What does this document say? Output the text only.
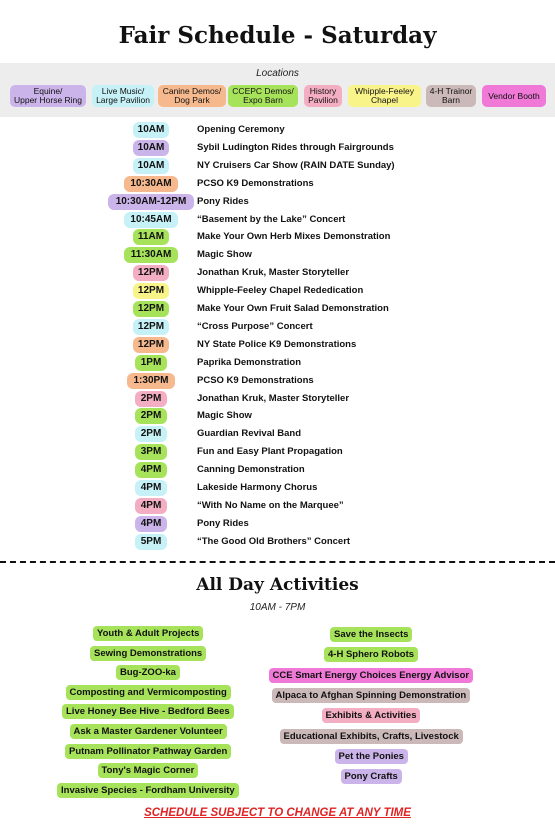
Fair Schedule - Saturday
Locations
Equine/
Upper Horse Ring
Live Music/
Large Pavilion
Canine Demos/
Dog Park
CCEPC Demos/
Expo Barn
History
Pavilion
Whipple-Feeley
Chapel
4-H Trainor
Barn	Vendor Booth
10AM	Opening Ceremony
10AM	Sybil Ludington Rides through Fairgrounds
10AM	NY Cruisers Car Show (RAIN DATE Sunday)
10:30AM	PCSO K9 Demonstrations
10:30AM-12PM	Pony Rides
10:45AM	“Basement by the Lake” Concert
11AM	Make Your Own Herb Mixes Demonstration
11:30AM	Magic Show
12PM	Jonathan Kruk, Master Storyteller
12PM	Whipple-Feeley Chapel Rededication
12PM	Make Your Own Fruit Salad Demonstration
12PM	“Cross Purpose” Concert
12PM	NY State Police K9 Demonstrations
1PM	Paprika Demonstration
1:30PM	PCSO K9 Demonstrations
2PM	Jonathan Kruk, Master Storyteller
2PM	Magic Show
2PM	Guardian Revival Band
3PM	Fun and Easy Plant Propagation
4PM	Canning Demonstration
4PM	Lakeside Harmony Chorus
4PM	“With No Name on the Marquee”
4PM	Pony Rides
5PM	“The Good Old Brothers” Concert
All Day Activities
10AM - 7PM
Youth & Adult Projects
Sewing Demonstrations
Bug-ZOO-ka
Composting and Vermicomposting
Live Honey Bee Hive - Bedford Bees
Ask a Master Gardener Volunteer
Putnam Pollinator Pathway Garden
Tony's Magic Corner
Invasive Species - Fordham University
Save the Insects
4-H Sphero Robots
CCE Smart Energy Choices Energy Advisor
Alpaca to Afghan Spinning Demonstration
Exhibits & Activities
Educational Exhibits, Crafts, Livestock
Pet the Ponies
Pony Crafts
SCHEDULE SUBJECT TO CHANGE AT ANY TIME
